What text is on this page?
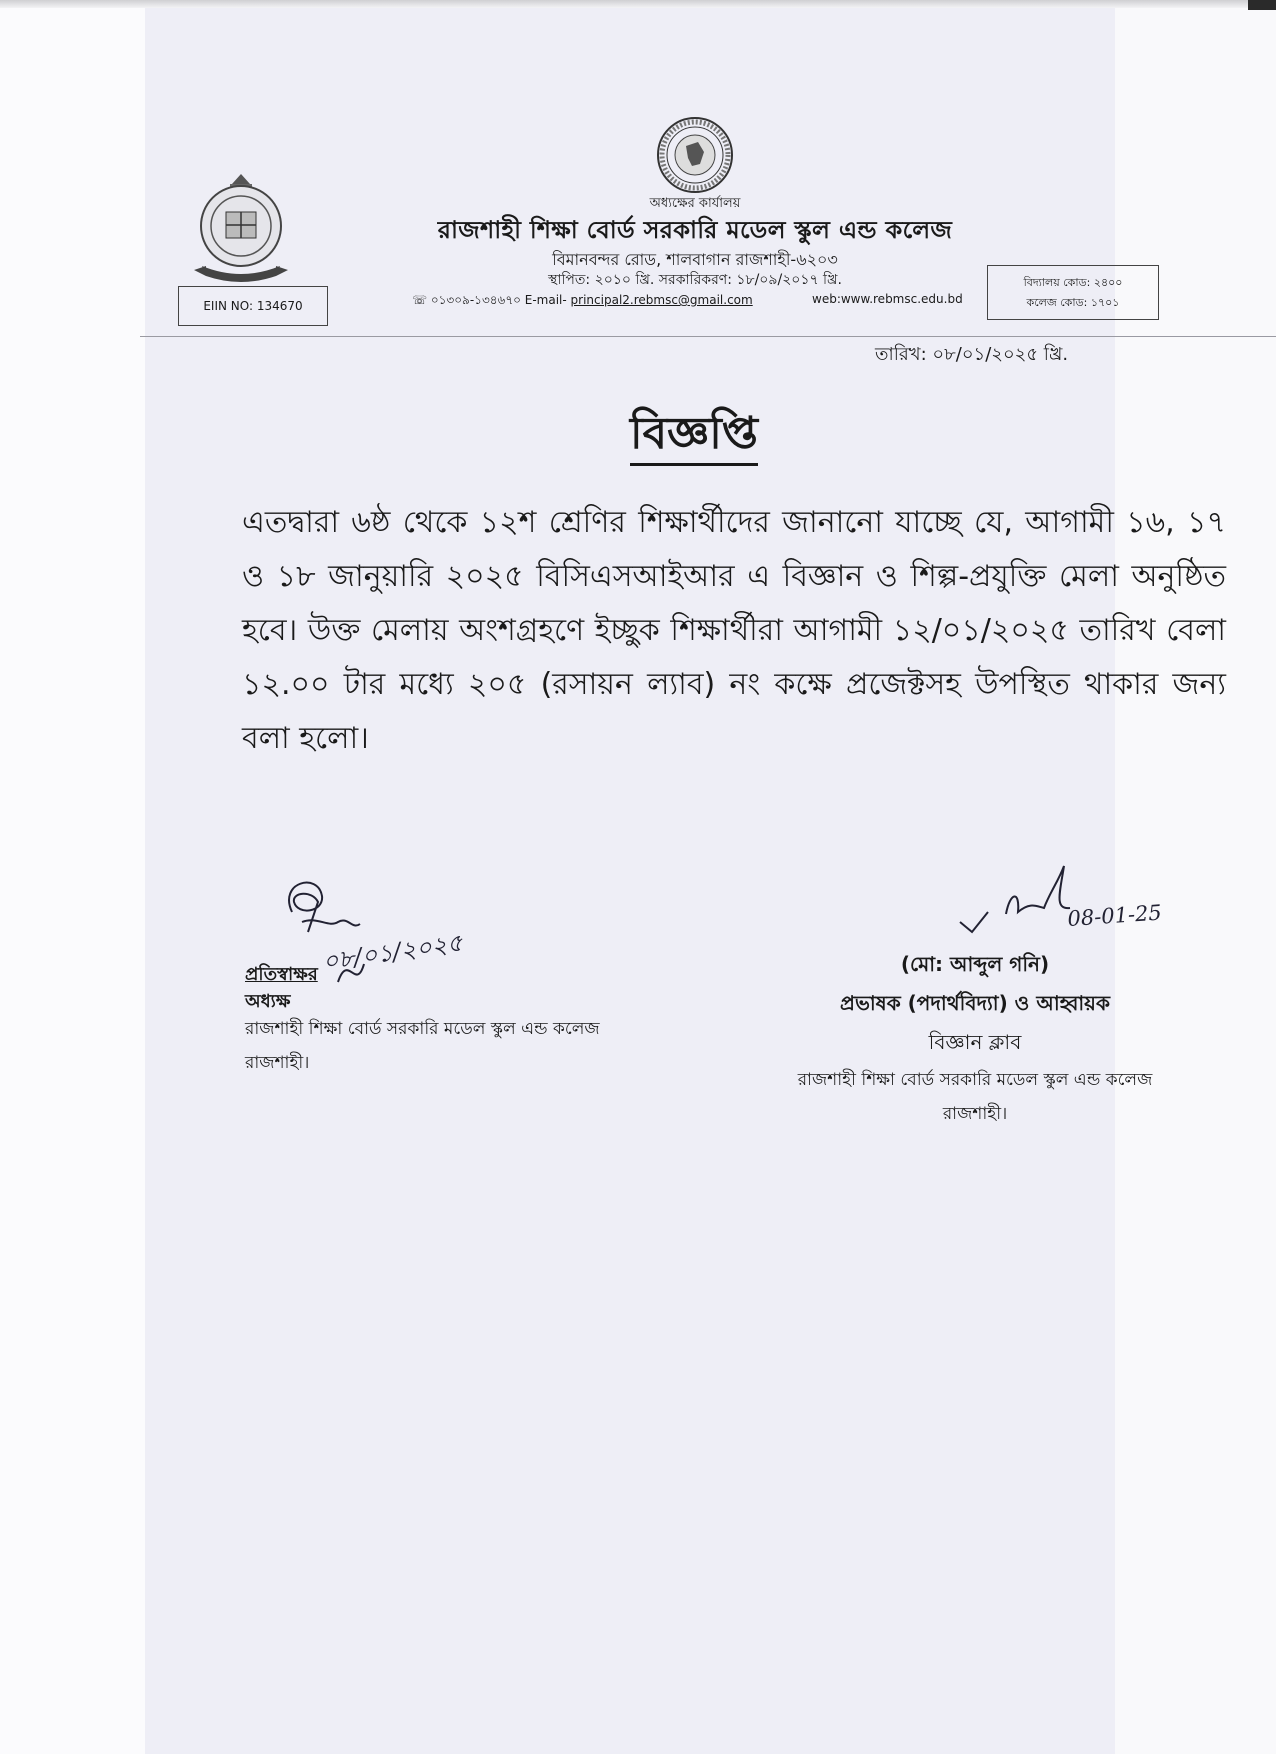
অধ্যক্ষের কার্যালয়
রাজশাহী শিক্ষা বোর্ড সরকারি মডেল স্কুল এন্ড কলেজ
বিমানবন্দর রোড, শালবাগান রাজশাহী-৬২০৩
স্থাপিত: ২০১০ খ্রি. সরকারিকরণ: ১৮/০৯/২০১৭ খ্রি.
☏ ০১৩০৯-১৩৪৬৭০ E-mail- principal2.rebmsc@gmail.com	web:www.rebmsc.edu.bd
EIIN NO: 134670
বিদ্যালয় কোড: ২৪০০
কলেজ কোড: ১৭০১
তারিখ: ০৮/০১/২০২৫ খ্রি.
বিজ্ঞপ্তি
এতদ্বারা ৬ষ্ঠ থেকে ১২শ শ্রেণির শিক্ষার্থীদের জানানো যাচ্ছে যে, আগামী ১৬, ১৭ ও ১৮ জানুয়ারি ২০২৫ বিসিএসআইআর এ বিজ্ঞান ও শিল্প-প্রযুক্তি মেলা অনুষ্ঠিত হবে। উক্ত মেলায় অংশগ্রহণে ইচ্ছুক শিক্ষার্থীরা আগামী ১২/০১/২০২৫ তারিখ বেলা ১২.০০ টার মধ্যে ২০৫ (রসায়ন ল্যাব) নং কক্ষে প্রজেক্টসহ উপস্থিত থাকার জন্য বলা হলো।
০৮/০১/২০২৫
08-01-25
প্রতিস্বাক্ষর
অধ্যক্ষ
রাজশাহী শিক্ষা বোর্ড সরকারি মডেল স্কুল এন্ড কলেজ
রাজশাহী।
(মো: আব্দুল গনি)
প্রভাষক (পদার্থবিদ্যা) ও আহ্বায়ক
বিজ্ঞান ক্লাব
রাজশাহী শিক্ষা বোর্ড সরকারি মডেল স্কুল এন্ড কলেজ
রাজশাহী।
